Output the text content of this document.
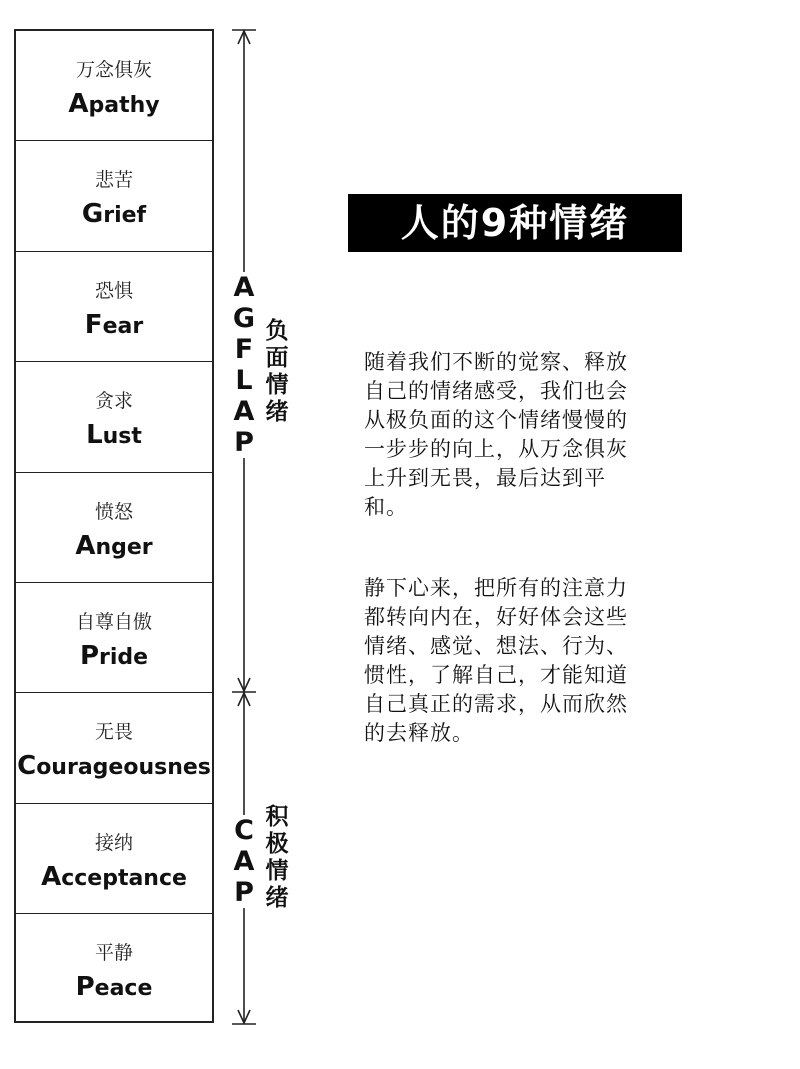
万念俱灰
Apathy
悲苦
Grief
恐惧
Fear
贪求
Lust
愤怒
Anger
自尊自傲
Pride
无畏
Courageousnes
接纳
Acceptance
平静
Peace
A
G
F
L
A
P
C
A
P
负
面
情
绪
积
极
情
绪
人的9种情绪
随着我们不断的觉察、释放
自己的情绪感受，我们也会
从极负面的这个情绪慢慢的
一步步的向上，从万念俱灰
上升到无畏，最后达到平
和。
静下心来，把所有的注意力
都转向内在，好好体会这些
情绪、感觉、想法、行为、
惯性，了解自己，才能知道
自己真正的需求，从而欣然
的去释放。
